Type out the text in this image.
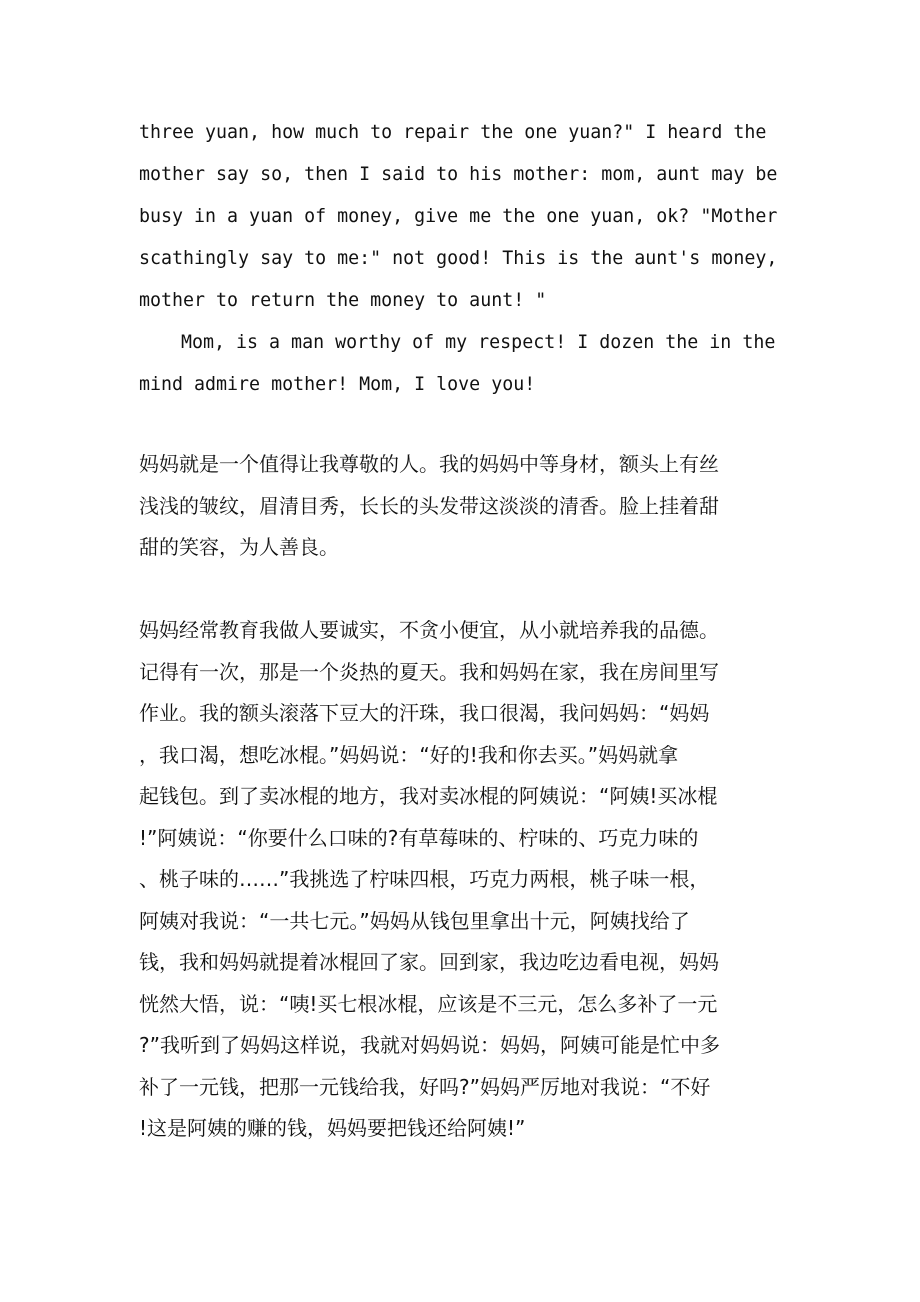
three yuan, how much to repair the one yuan?" I heard the
mother say so, then I said to his mother: mom, aunt may be
busy in a yuan of money, give me the one yuan, ok? "Mother
scathingly say to me:" not good! This is the aunt's money,
mother to return the money to aunt! "
Mom, is a man worthy of my respect! I dozen the in the
mind admire mother! Mom, I love you!
妈妈就是一个值得让我尊敬的人。我的妈妈中等身材，额头上有丝
浅浅的皱纹，眉清目秀，长长的头发带这淡淡的清香。脸上挂着甜
甜的笑容，为人善良。
妈妈经常教育我做人要诚实，不贪小便宜，从小就培养我的品德。
记得有一次，那是一个炎热的夏天。我和妈妈在家，我在房间里写
作业。我的额头滚落下豆大的汗珠，我口很渴，我问妈妈：“妈妈
，我口渴，想吃冰棍。”妈妈说：“好的!我和你去买。”妈妈就拿
起钱包。到了卖冰棍的地方，我对卖冰棍的阿姨说：“阿姨!买冰棍
!”阿姨说：“你要什么口味的?有草莓味的、柠味的、巧克力味的
、桃子味的……”我挑选了柠味四根，巧克力两根，桃子味一根，
阿姨对我说：“一共七元。”妈妈从钱包里拿出十元，阿姨找给了
钱，我和妈妈就提着冰棍回了家。回到家，我边吃边看电视，妈妈
恍然大悟，说：“咦!买七根冰棍，应该是不三元，怎么多补了一元
?”我听到了妈妈这样说，我就对妈妈说：妈妈，阿姨可能是忙中多
补了一元钱，把那一元钱给我，好吗?”妈妈严厉地对我说：“不好
!这是阿姨的赚的钱，妈妈要把钱还给阿姨!”
